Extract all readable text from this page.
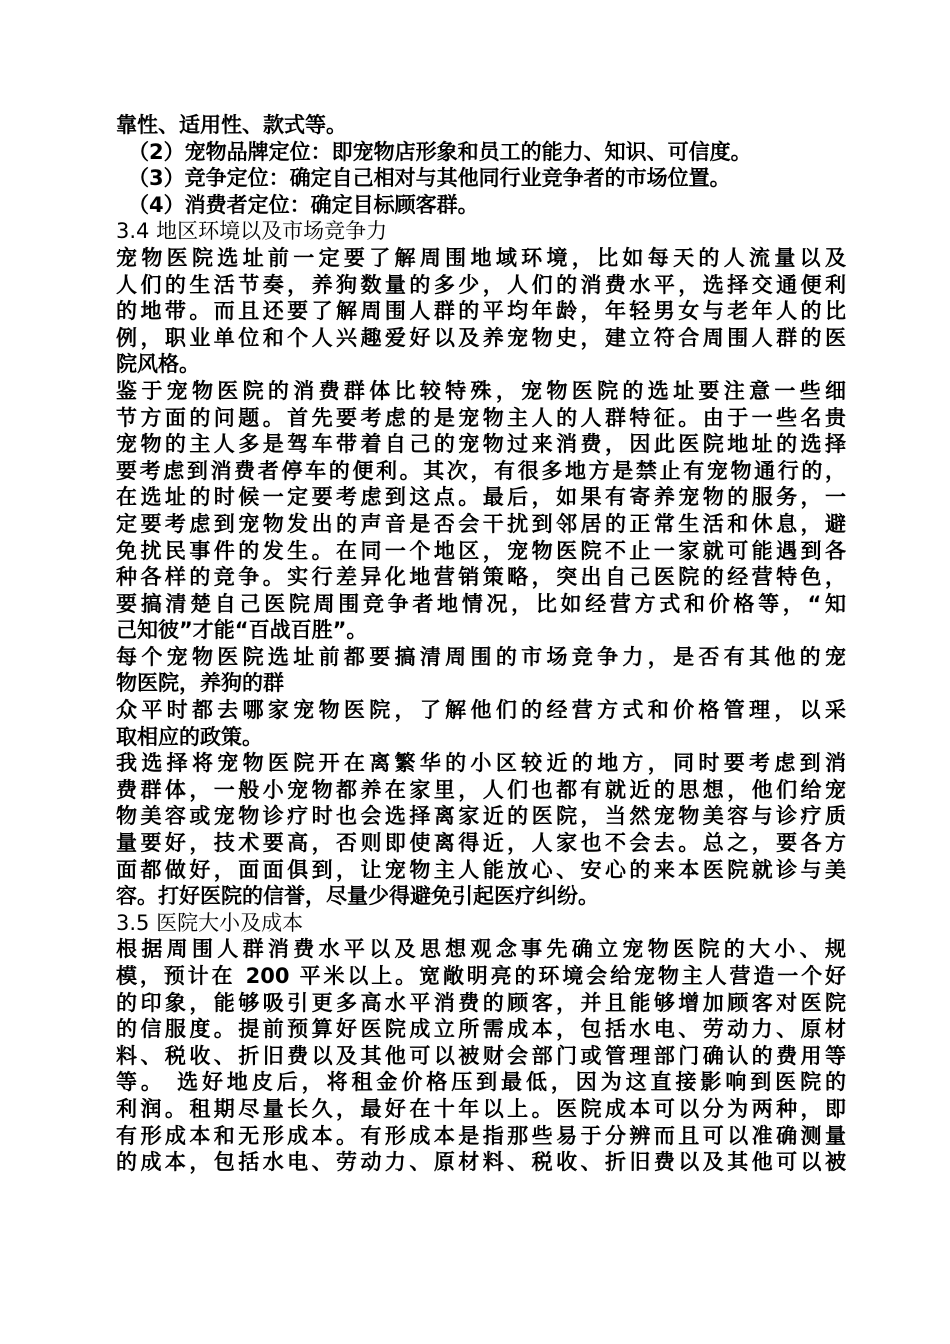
靠性、适用性、款式等。
（2）宠物品牌定位：即宠物店形象和员工的能力、知识、可信度。
（3）竞争定位：确定自己相对与其他同行业竞争者的市场位置。
（4）消费者定位：确定目标顾客群。
3.4 地区环境以及市场竞争力
宠物医院选址前一定要了解周围地域环境，比如每天的人流量以及
人们的生活节奏，养狗数量的多少，人们的消费水平，选择交通便利
的地带。而且还要了解周围人群的平均年龄，年轻男女与老年人的比
例，职业单位和个人兴趣爱好以及养宠物史，建立符合周围人群的医
院风格。
鉴于宠物医院的消费群体比较特殊，宠物医院的选址要注意一些细
节方面的问题。首先要考虑的是宠物主人的人群特征。由于一些名贵
宠物的主人多是驾车带着自己的宠物过来消费，因此医院地址的选择
要考虑到消费者停车的便利。其次，有很多地方是禁止有宠物通行的，
在选址的时候一定要考虑到这点。最后，如果有寄养宠物的服务，一
定要考虑到宠物发出的声音是否会干扰到邻居的正常生活和休息，避
免扰民事件的发生。在同一个地区，宠物医院不止一家就可能遇到各
种各样的竞争。实行差异化地营销策略，突出自己医院的经营特色，
要搞清楚自己医院周围竞争者地情况，比如经营方式和价格等，“知
己知彼”才能“百战百胜”。
每个宠物医院选址前都要搞清周围的市场竞争力，是否有其他的宠
物医院，养狗的群
众平时都去哪家宠物医院，了解他们的经营方式和价格管理，以采
取相应的政策。
我选择将宠物医院开在离繁华的小区较近的地方，同时要考虑到消
费群体，一般小宠物都养在家里，人们也都有就近的思想，他们给宠
物美容或宠物诊疗时也会选择离家近的医院，当然宠物美容与诊疗质
量要好，技术要高，否则即使离得近，人家也不会去。总之，要各方
面都做好，面面俱到，让宠物主人能放心、安心的来本医院就诊与美
容。打好医院的信誉，尽量少得避免引起医疗纠纷。
3.5 医院大小及成本
根据周围人群消费水平以及思想观念事先确立宠物医院的大小、规
模，预计在 200 平米以上。宽敞明亮的环境会给宠物主人营造一个好
的印象，能够吸引更多高水平消费的顾客，并且能够增加顾客对医院
的信服度。提前预算好医院成立所需成本，包括水电、劳动力、原材
料、税收、折旧费以及其他可以被财会部门或管理部门确认的费用等
等。 选好地皮后，将租金价格压到最低，因为这直接影响到医院的
利润。租期尽量长久，最好在十年以上。医院成本可以分为两种，即
有形成本和无形成本。有形成本是指那些易于分辨而且可以准确测量
的成本，包括水电、劳动力、原材料、税收、折旧费以及其他可以被
